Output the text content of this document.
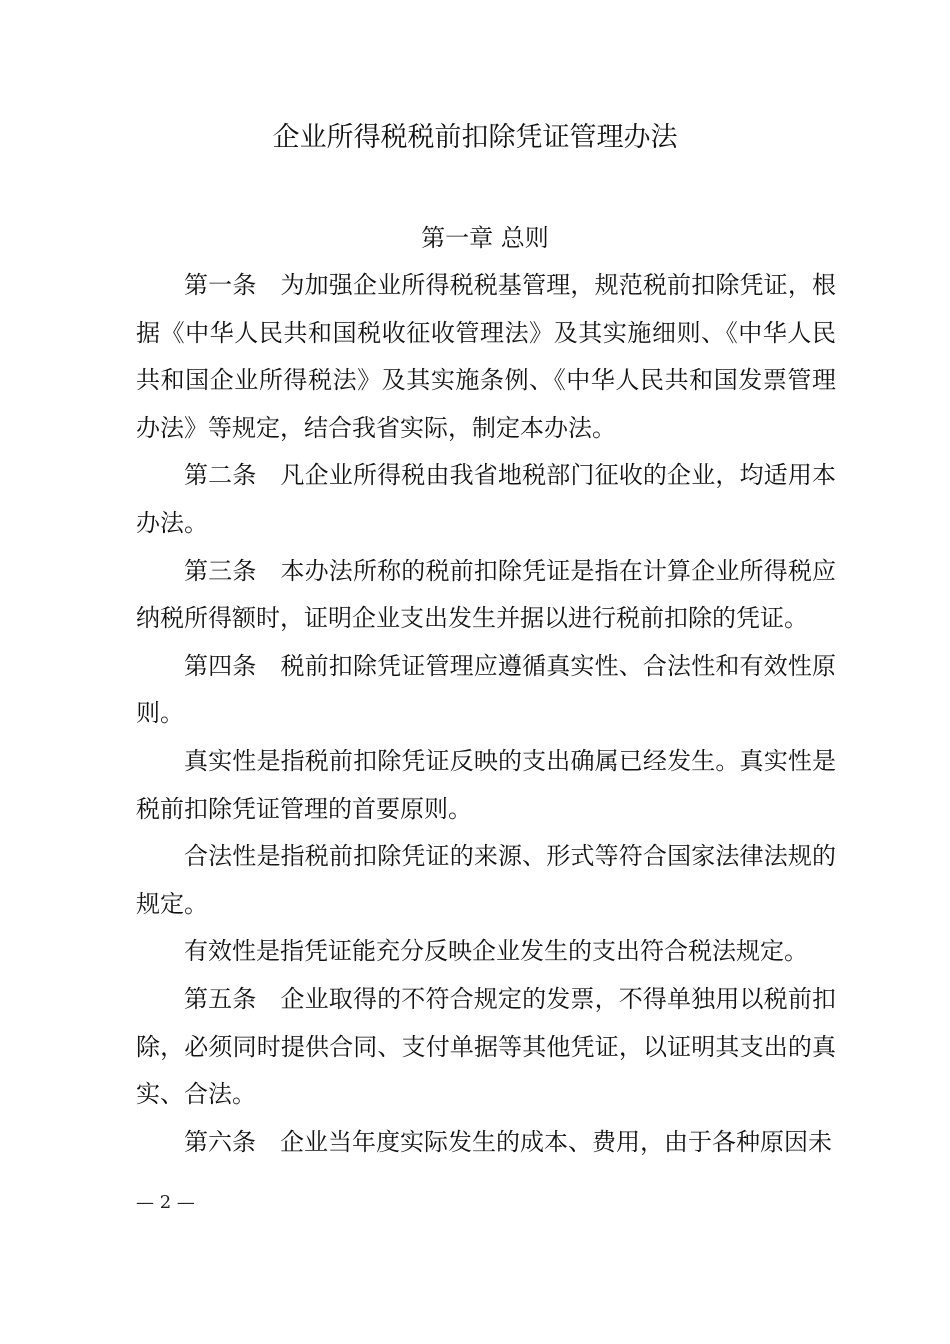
企业所得税税前扣除凭证管理办法
第一章 总则

第一条 为加强企业所得税税基管理，规范税前扣除凭证，根据《中华人民共和国税收征收管理法》及其实施细则、《中华人民共和国企业所得税法》及其实施条例、《中华人民共和国发票管理办法》等规定，结合我省实际，制定本办法。

第二条 凡企业所得税由我省地税部门征收的企业，均适用本办法。

第三条 本办法所称的税前扣除凭证是指在计算企业所得税应纳税所得额时，证明企业支出发生并据以进行税前扣除的凭证。

第四条 税前扣除凭证管理应遵循真实性、合法性和有效性原则。

真实性是指税前扣除凭证反映的支出确属已经发生。真实性是税前扣除凭证管理的首要原则。

合法性是指税前扣除凭证的来源、形式等符合国家法律法规的规定。

有效性是指凭证能充分反映企业发生的支出符合税法规定。

第五条 企业取得的不符合规定的发票，不得单独用以税前扣除，必须同时提供合同、支付单据等其他凭证，以证明其支出的真实、合法。

第六条 企业当年度实际发生的成本、费用，由于各种原因未

— 2 —
